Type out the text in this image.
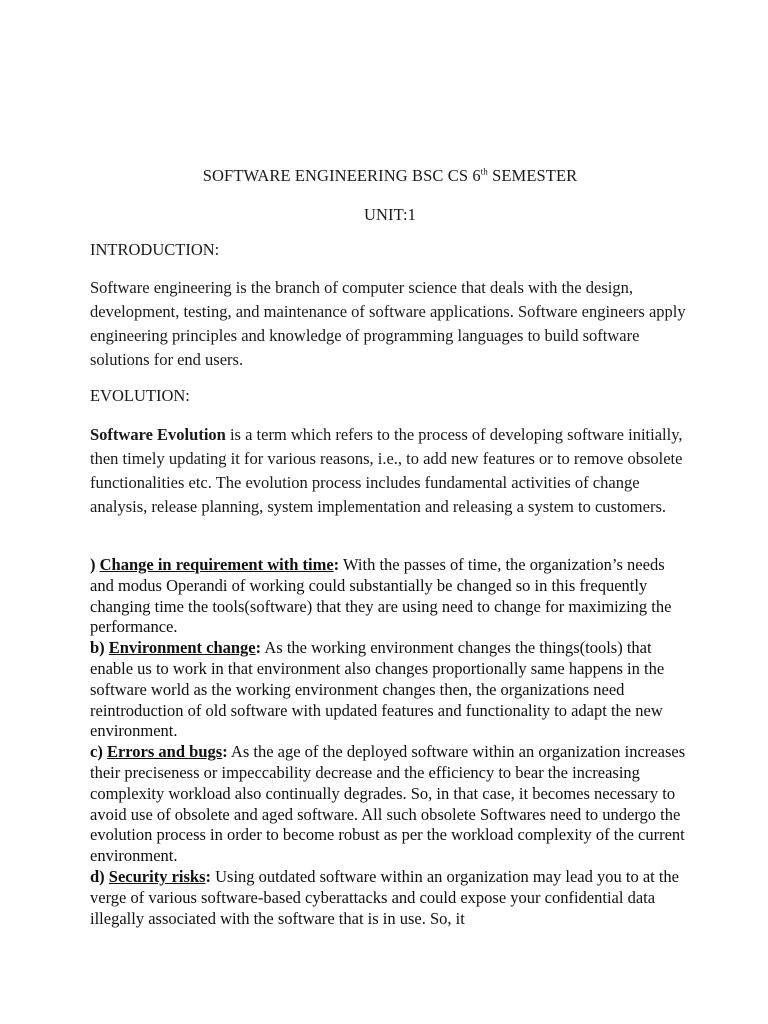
SOFTWARE ENGINEERING BSC CS 6th SEMESTER
UNIT:1
INTRODUCTION:

Software engineering is the branch of computer science that deals with the design, development, testing, and maintenance of software applications. Software engineers apply engineering principles and knowledge of programming languages to build software solutions for end users.

EVOLUTION:

Software Evolution is a term which refers to the process of developing software initially, then timely updating it for various reasons, i.e., to add new features or to remove obsolete functionalities etc. The evolution process includes fundamental activities of change analysis, release planning, system implementation and releasing a system to customers.

) Change in requirement with time: With the passes of time, the organization’s needs and modus Operandi of working could substantially be changed so in this frequently changing time the tools(software) that they are using need to change for maximizing the performance.

b) Environment change: As the working environment changes the things(tools) that enable us to work in that environment also changes proportionally same happens in the software world as the working environment changes then, the organizations need reintroduction of old software with updated features and functionality to adapt the new environment.

c) Errors and bugs: As the age of the deployed software within an organization increases their preciseness or impeccability decrease and the efficiency to bear the increasing complexity workload also continually degrades. So, in that case, it becomes necessary to avoid use of obsolete and aged software. All such obsolete Softwares need to undergo the evolution process in order to become robust as per the workload complexity of the current environment.

d) Security risks: Using outdated software within an organization may lead you to at the verge of various software-based cyberattacks and could expose your confidential data illegally associated with the software that is in use. So, it
